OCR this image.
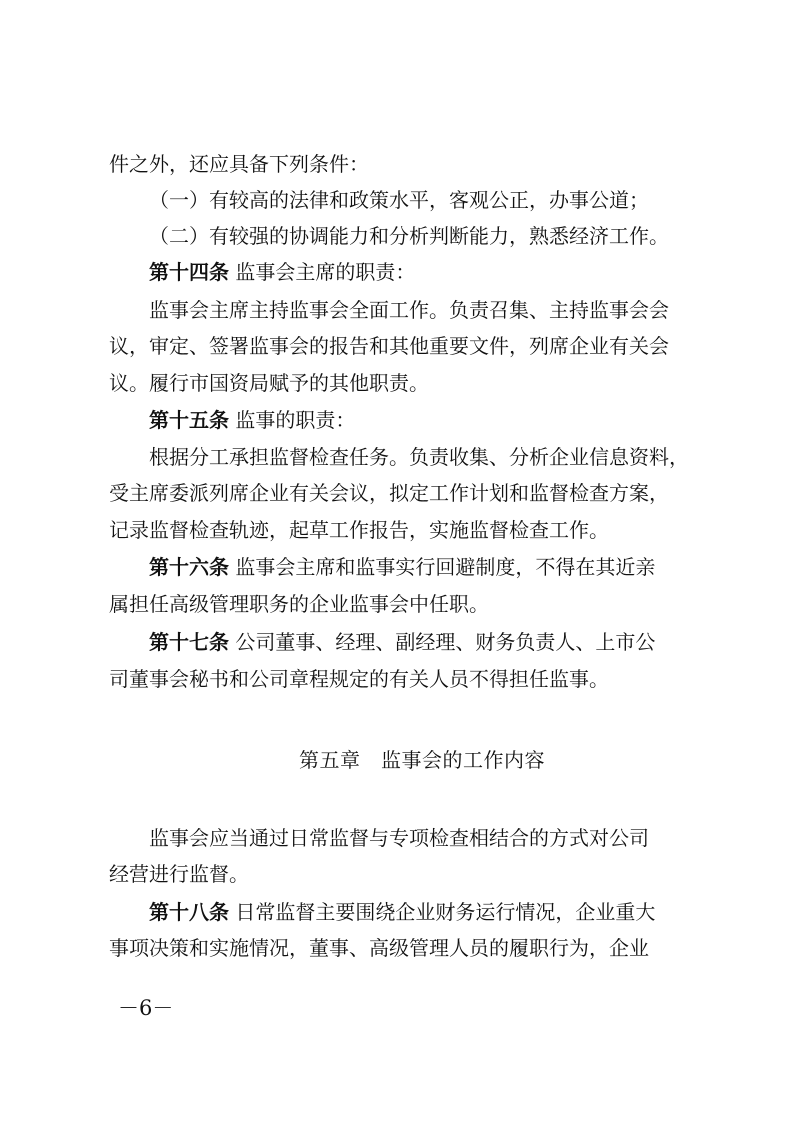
件之外，还应具备下列条件：
（一）有较高的法律和政策水平，客观公正，办事公道；
（二）有较强的协调能力和分析判断能力，熟悉经济工作。
第十四条 监事会主席的职责：
监事会主席主持监事会全面工作。负责召集、主持监事会会
议，审定、签署监事会的报告和其他重要文件，列席企业有关会
议。履行市国资局赋予的其他职责。
第十五条 监事的职责：
根据分工承担监督检查任务。负责收集、分析企业信息资料，
受主席委派列席企业有关会议，拟定工作计划和监督检查方案，
记录监督检查轨迹，起草工作报告，实施监督检查工作。
第十六条 监事会主席和监事实行回避制度，不得在其近亲
属担任高级管理职务的企业监事会中任职。
第十七条 公司董事、经理、副经理、财务负责人、上市公
司董事会秘书和公司章程规定的有关人员不得担任监事。
第五章　监事会的工作内容
监事会应当通过日常监督与专项检查相结合的方式对公司
经营进行监督。
第十八条 日常监督主要围绕企业财务运行情况，企业重大
事项决策和实施情况，董事、高级管理人员的履职行为，企业
－6－
